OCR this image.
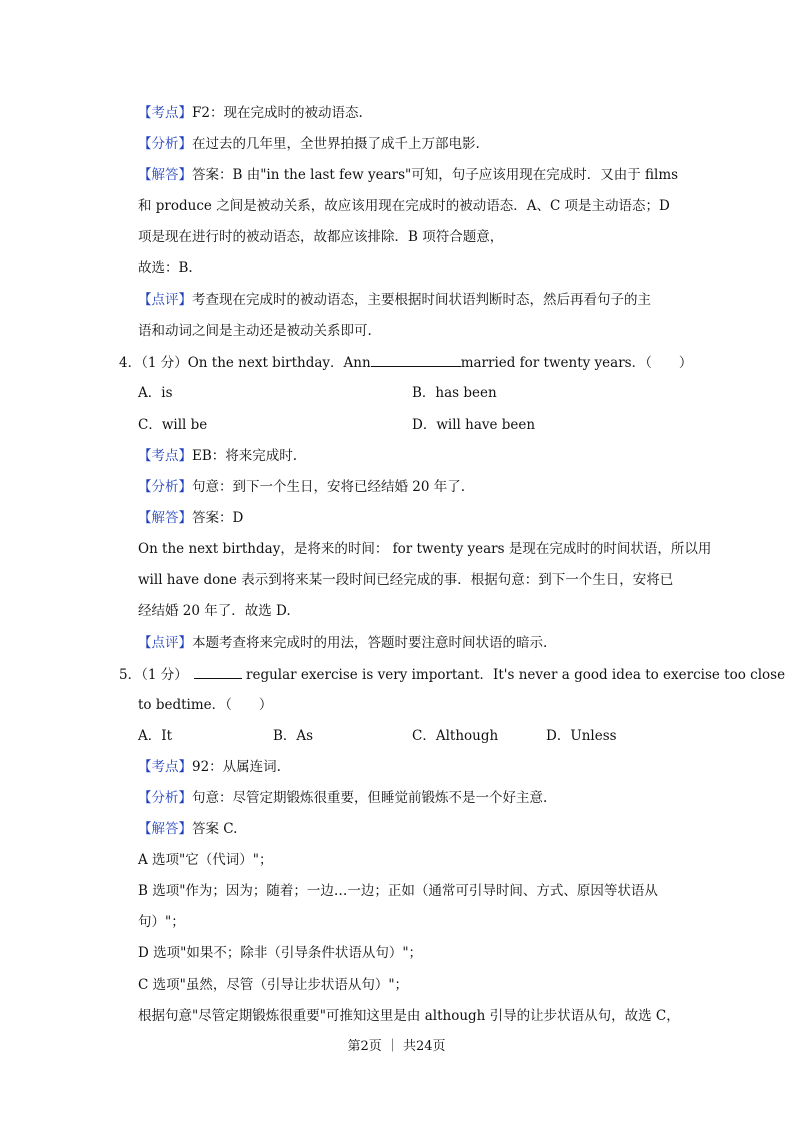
【考点】F2：现在完成时的被动语态.
【分析】在过去的几年里，全世界拍摄了成千上万部电影.
【解答】答案：B 由"in the last few years"可知，句子应该用现在完成时．又由于 films
和 produce 之间是被动关系，故应该用现在完成时的被动语态．A、C 项是主动语态；D
项是现在进行时的被动语态，故都应该排除．B 项符合题意，
故选：B.
【点评】考查现在完成时的被动语态，主要根据时间状语判断时态，然后再看句子的主
语和动词之间是主动还是被动关系即可.
4．（1 分）On the next birthday．Ann	married for twenty years．（　　）
A．is	B．has been
C．will be	D．will have been
【考点】EB：将来完成时.
【分析】句意：到下一个生日，安将已经结婚 20 年了.
【解答】答案：D
On the next birthday，是将来的时间： for twenty years 是现在完成时的时间状语，所以用
will have done 表示到将来某一段时间已经完成的事．根据句意：到下一个生日，安将已
经结婚 20 年了．故选 D.
【点评】本题考查将来完成时的用法，答题时要注意时间状语的暗示.
5．（1 分）	regular exercise is very important．It's never a good idea to exercise too close
to bedtime．（　　）
A．It	B．As	C．Although	D．Unless
【考点】92：从属连词.
【分析】句意：尽管定期锻炼很重要，但睡觉前锻炼不是一个好主意.
【解答】答案 C.
A 选项"它（代词）"；
B 选项"作为；因为；随着；一边…一边；正如（通常可引导时间、方式、原因等状语从
句）"；
D 选项"如果不；除非（引导条件状语从句）"；
C 选项"虽然，尽管（引导让步状语从句）"；
根据句意"尽管定期锻炼很重要"可推知这里是由 although 引导的让步状语从句，故选 C，
第2页 ｜ 共24页
